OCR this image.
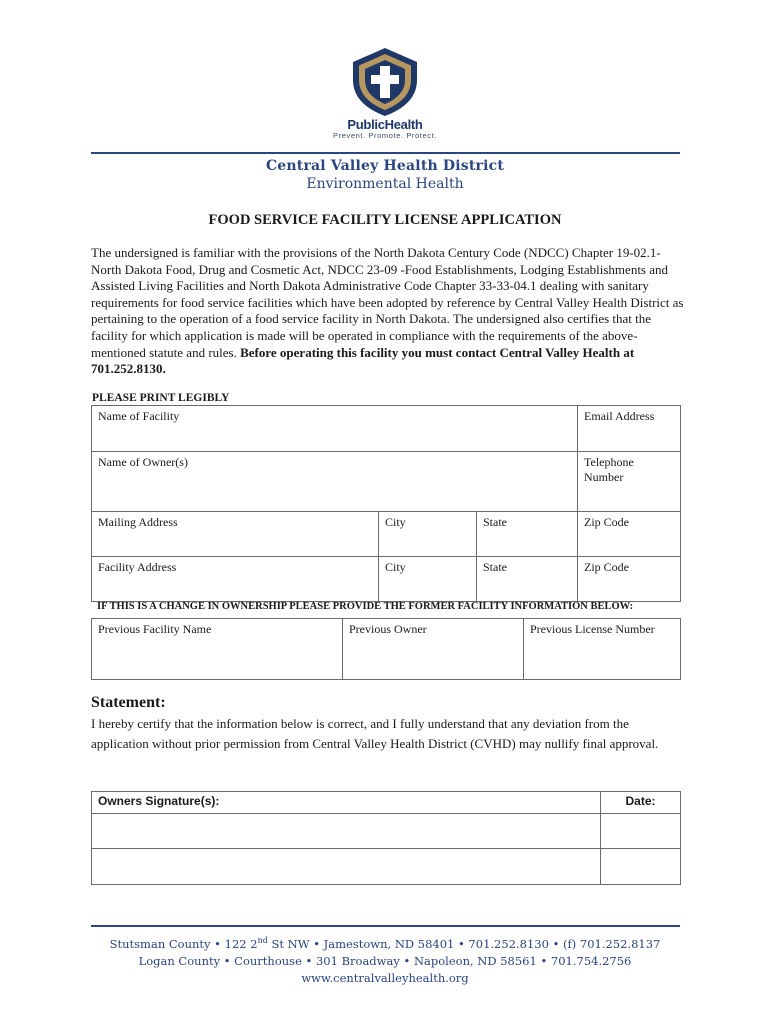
PublicHealth
Prevent. Promote. Protect.
Central Valley Health District
Environmental Health
FOOD SERVICE FACILITY LICENSE APPLICATION
The undersigned is familiar with the provisions of the North Dakota Century Code (NDCC) Chapter 19-02.1-North Dakota Food, Drug and Cosmetic Act, NDCC 23-09 -Food Establishments, Lodging Establishments and Assisted Living Facilities and North Dakota Administrative Code Chapter 33-33-04.1 dealing with sanitary requirements for food service facilities which have been adopted by reference by Central Valley Health District as pertaining to the operation of a food service facility in North Dakota. The undersigned also certifies that the facility for which application is made will be operated in compliance with the requirements of the above-mentioned statute and rules. Before operating this facility you must contact Central Valley Health at 701.252.8130.
PLEASE PRINT LEGIBLY
Name of Facility			Email Address
Name of Owner(s)			Telephone Number
Mailing Address	City	State	Zip Code
Facility Address	City	State	Zip Code
IF THIS IS A CHANGE IN OWNERSHIP PLEASE PROVIDE THE FORMER FACILITY INFORMATION BELOW:
Previous Facility Name	Previous Owner	Previous License Number
Statement:
I hereby certify that the information below is correct, and I fully understand that any deviation from the application without prior permission from Central Valley Health District (CVHD) may nullify final approval.
Owners Signature(s):	Date:

Stutsman County • 122 2nd St NW • Jamestown, ND 58401 • 701.252.8130 • (f) 701.252.8137
Logan County • Courthouse • 301 Broadway • Napoleon, ND 58561 • 701.754.2756
www.centralvalleyhealth.org
